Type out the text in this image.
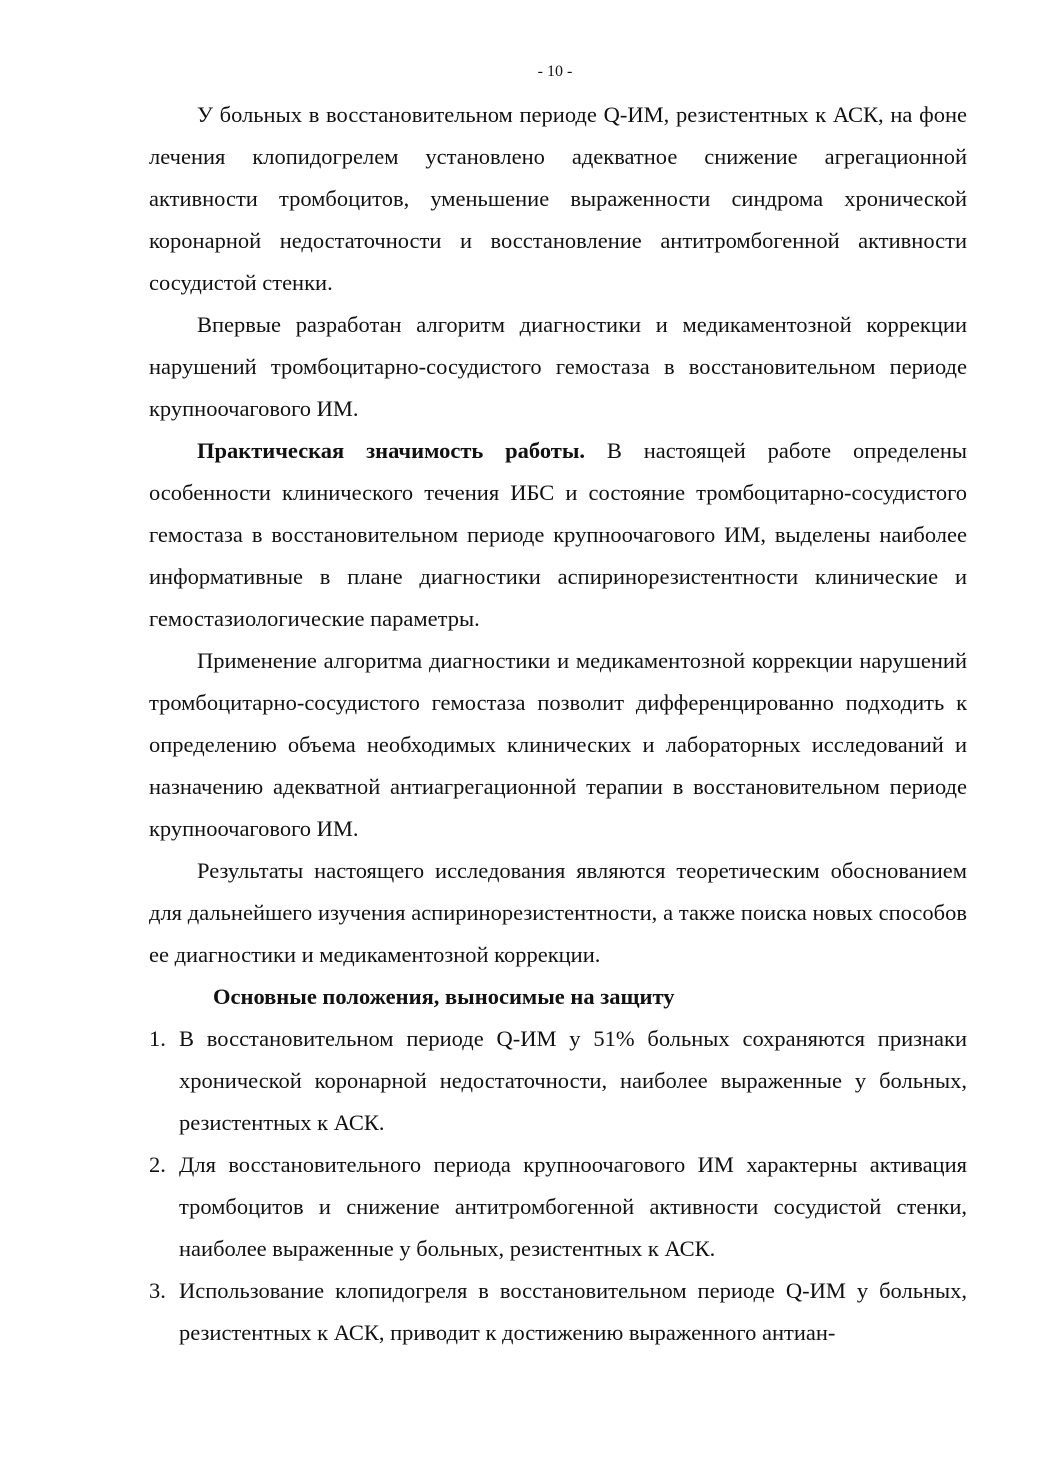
- 10 -

У больных в восстановительном периоде Q-ИМ, резистентных к АСК, на фоне лечения клопидогрелем установлено адекватное снижение агрегационной активности тромбоцитов, уменьшение выраженности синдрома хронической коронарной недостаточности и восстановление антитромбогенной активности сосудистой стенки.

Впервые разработан алгоритм диагностики и медикаментозной коррекции нарушений тромбоцитарно-сосудистого гемостаза в восстановительном периоде крупноочагового ИМ.

Практическая значимость работы. В настоящей работе определены особенности клинического течения ИБС и состояние тромбоцитарно-сосудистого гемостаза в восстановительном периоде крупноочагового ИМ, выделены наиболее информативные в плане диагностики аспиринорезистентности клинические и гемостазиологические параметры.

Применение алгоритма диагностики и медикаментозной коррекции нарушений тромбоцитарно-сосудистого гемостаза позволит дифференцированно подходить к определению объема необходимых клинических и лабораторных исследований и назначению адекватной антиагрегационной терапии в восстановительном периоде крупноочагового ИМ.

Результаты настоящего исследования являются теоретическим обоснованием для дальнейшего изучения аспиринорезистентности, а также поиска новых способов ее диагностики и медикаментозной коррекции.

Основные положения, выносимые на защиту
1. В восстановительном периоде Q-ИМ у 51% больных сохраняются признаки хронической коронарной недостаточности, наиболее выраженные у больных, резистентных к АСК.
2. Для восстановительного периода крупноочагового ИМ характерны активация тромбоцитов и снижение антитромбогенной активности сосудистой стенки, наиболее выраженные у больных, резистентных к АСК.
3. Использование клопидогреля в восстановительном периоде Q-ИМ у больных, резистентных к АСК, приводит к достижению выраженного антиан-
